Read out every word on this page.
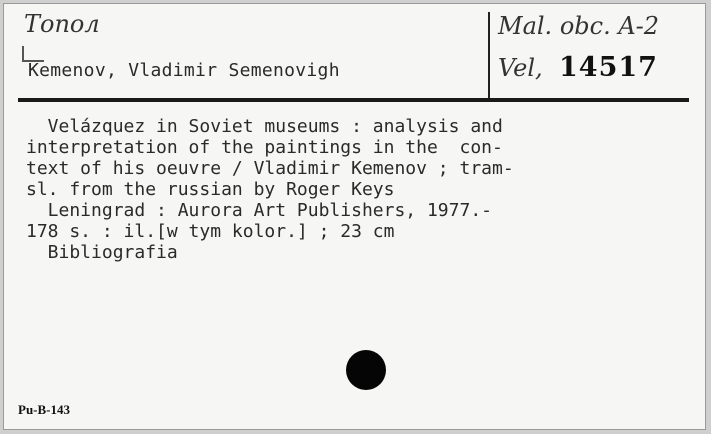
Топол
Kemenov, Vladimir Semenovigh
Mal. obc. A-2
Vel, 14517
Velázquez in Soviet museums : analysis and
interpretation of the paintings in the  con-
text of his oeuvre / Vladimir Kemenov ; tram-
sl. from the russian by Roger Keys
Leningrad : Aurora Art Publishers, 1977.-
178 s. : il.[w tym kolor.] ; 23 cm
Bibliografia
Pu-B-143
